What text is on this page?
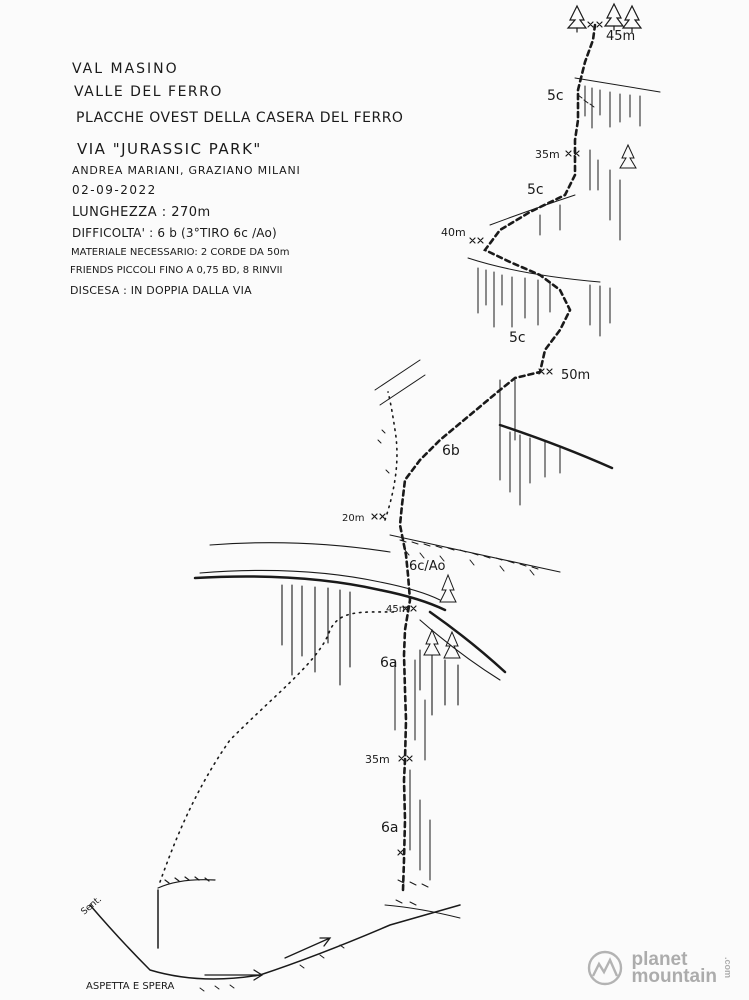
VAL MASINO
VALLE DEL FERRO
PLACCHE OVEST DELLA CASERA DEL FERRO
VIA "JURASSIC PARK"
ANDREA MARIANI, GRAZIANO MILANI
02-09-2022
LUNGHEZZA : 270m
DIFFICOLTA' : 6 b (3°TIRO 6c /Ao)
MATERIALE NECESSARIO: 2 CORDE DA 50m
FRIENDS PICCOLI FINO A 0,75 BD, 8 RINVII
DISCESA : IN DOPPIA DALLA VIA
45m
5c
35m
5c
40m
5c
50m
6b
20m
6c/Ao
45m
6a
35m
6a
Sent.
ASPETTA E SPERA
planet
mountain .com
